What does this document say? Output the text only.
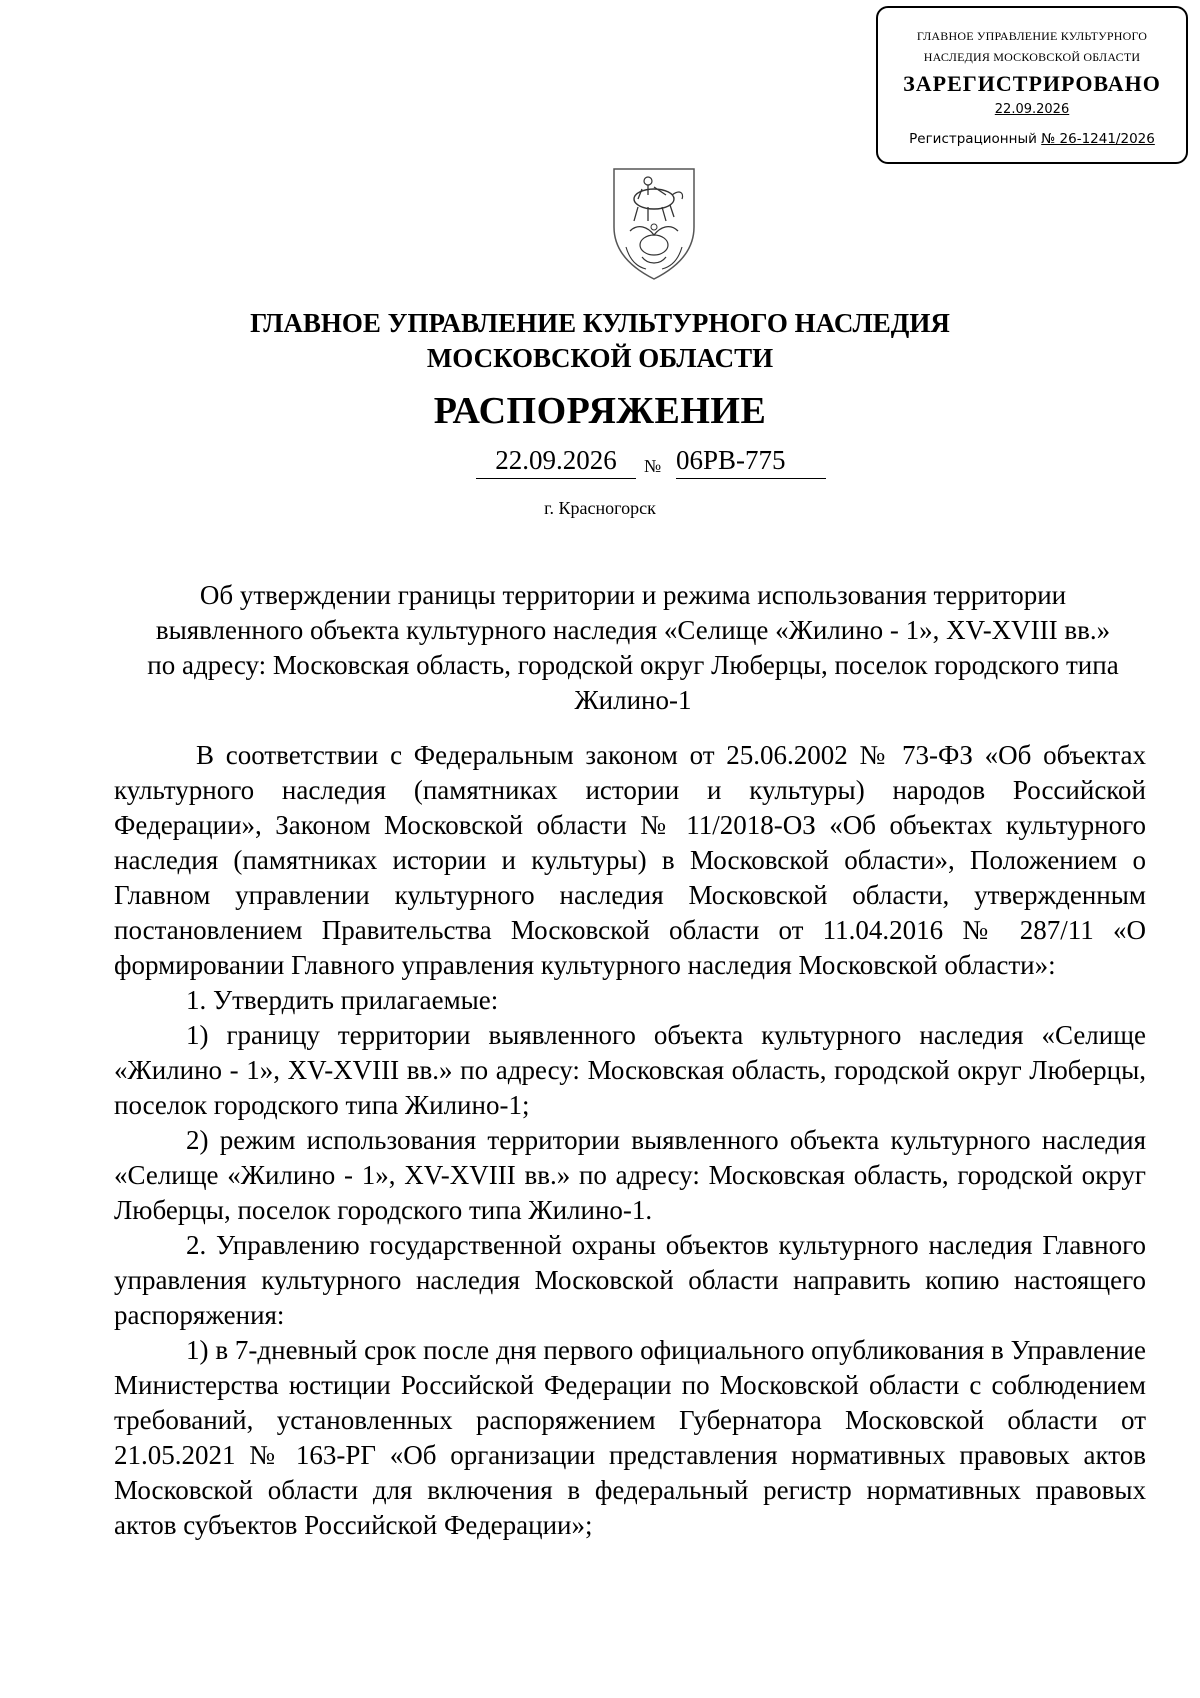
ГЛАВНОЕ УПРАВЛЕНИЕ КУЛЬТУРНОГО
НАСЛЕДИЯ МОСКОВСКОЙ ОБЛАСТИ
ЗАРЕГИСТРИРОВАНО
22.09.2026
Регистрационный № 26-1241/2026
ГЛАВНОЕ УПРАВЛЕНИЕ КУЛЬТУРНОГО НАСЛЕДИЯ
МОСКОВСКОЙ ОБЛАСТИ
РАСПОРЯЖЕНИЕ
22.09.2026	№ 06РВ-775
г. Красногорск
Об утверждении границы территории и режима использования территории
выявленного объекта культурного наследия «Селище «Жилино - 1», XV-XVIII вв.»
по адресу: Московская область, городской округ Люберцы, поселок городского типа
Жилино-1

В соответствии с Федеральным законом от 25.06.2002 № 73-ФЗ «Об объектах культурного наследия (памятниках истории и культуры) народов Российской Федерации», Законом Московской области № 11/2018-ОЗ «Об объектах культурного наследия (памятниках истории и культуры) в Московской области», Положением о Главном управлении культурного наследия Московской области, утвержденным постановлением Правительства Московской области от 11.04.2016 № 287/11 «О формировании Главного управления культурного наследия Московской области»:

1. Утвердить прилагаемые:

1) границу территории выявленного объекта культурного наследия «Селище «Жилино - 1», XV-XVIII вв.» по адресу: Московская область, городской округ Люберцы, поселок городского типа Жилино-1;

2) режим использования территории выявленного объекта культурного наследия «Селище «Жилино - 1», XV-XVIII вв.» по адресу: Московская область, городской округ Люберцы, поселок городского типа Жилино-1.

2. Управлению государственной охраны объектов культурного наследия Главного управления культурного наследия Московской области направить копию настоящего распоряжения:

1) в 7-дневный срок после дня первого официального опубликования в Управление Министерства юстиции Российской Федерации по Московской области с соблюдением требований, установленных распоряжением Губернатора Московской области от 21.05.2021 № 163-РГ «Об организации представления нормативных правовых актов Московской области для включения в федеральный регистр нормативных правовых актов субъектов Российской Федерации»;
